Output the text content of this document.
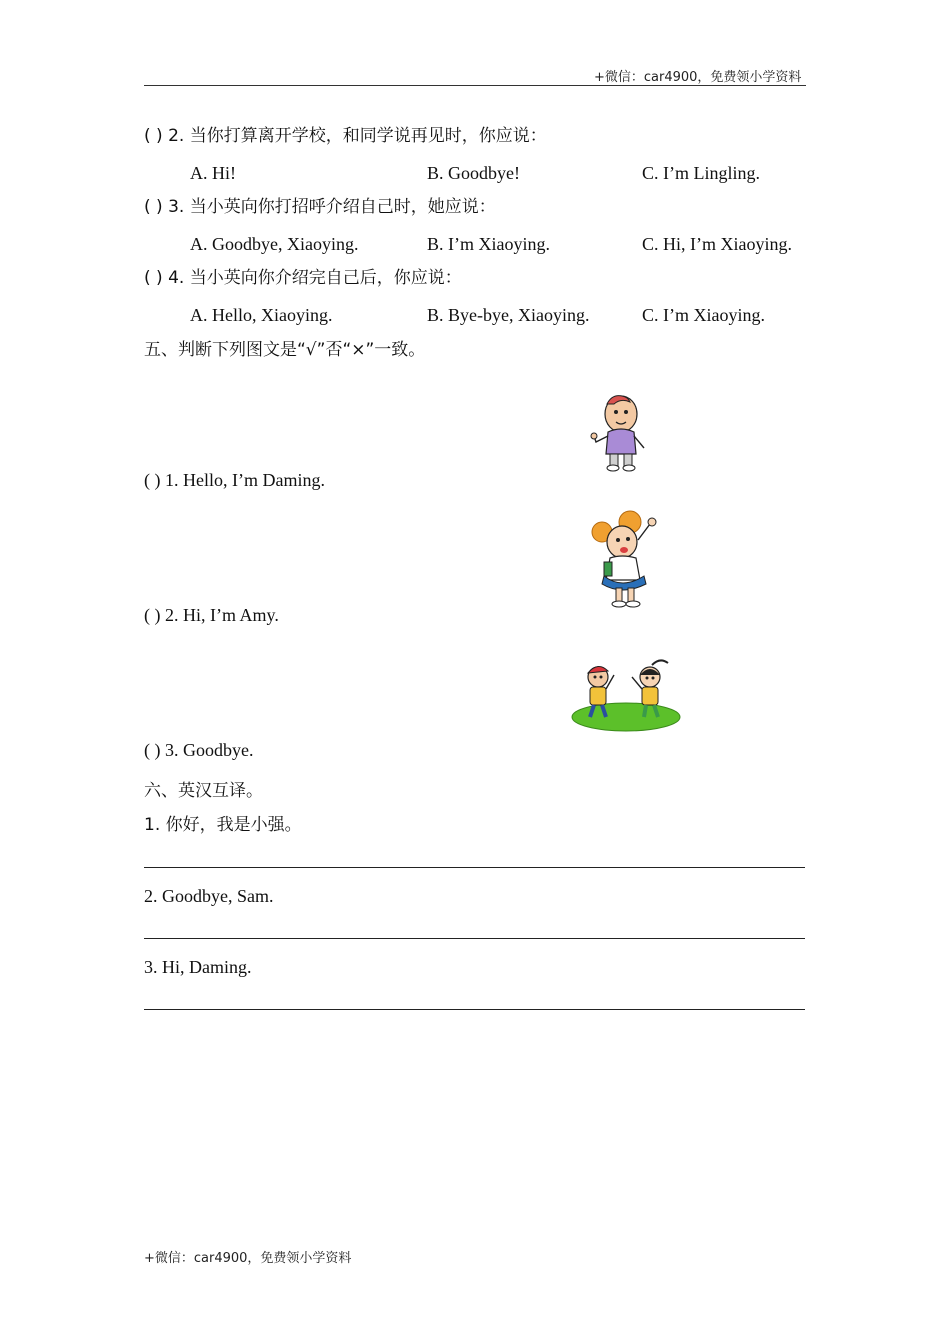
+微信：car4900，免费领小学资料
( ) 2. 当你打算离开学校，和同学说再见时，你应说：
A. Hi!	B. Goodbye!	C. I’m Lingling.
( ) 3. 当小英向你打招呼介绍自己时，她应说：
A. Goodbye, Xiaoying.	B. I’m Xiaoying.	C. Hi, I’m Xiaoying.
( ) 4. 当小英向你介绍完自己后，你应说：
A. Hello, Xiaoying.	B. Bye-bye, Xiaoying.	C. I’m Xiaoying.
五、判断下列图文是“√”否“×”一致。
( ) 1. Hello, I’m Daming.
( ) 2. Hi, I’m Amy.
( ) 3. Goodbye.
六、英汉互译。
1. 你好，我是小强。
2. Goodbye, Sam.
3. Hi, Daming.
+微信：car4900，免费领小学资料
